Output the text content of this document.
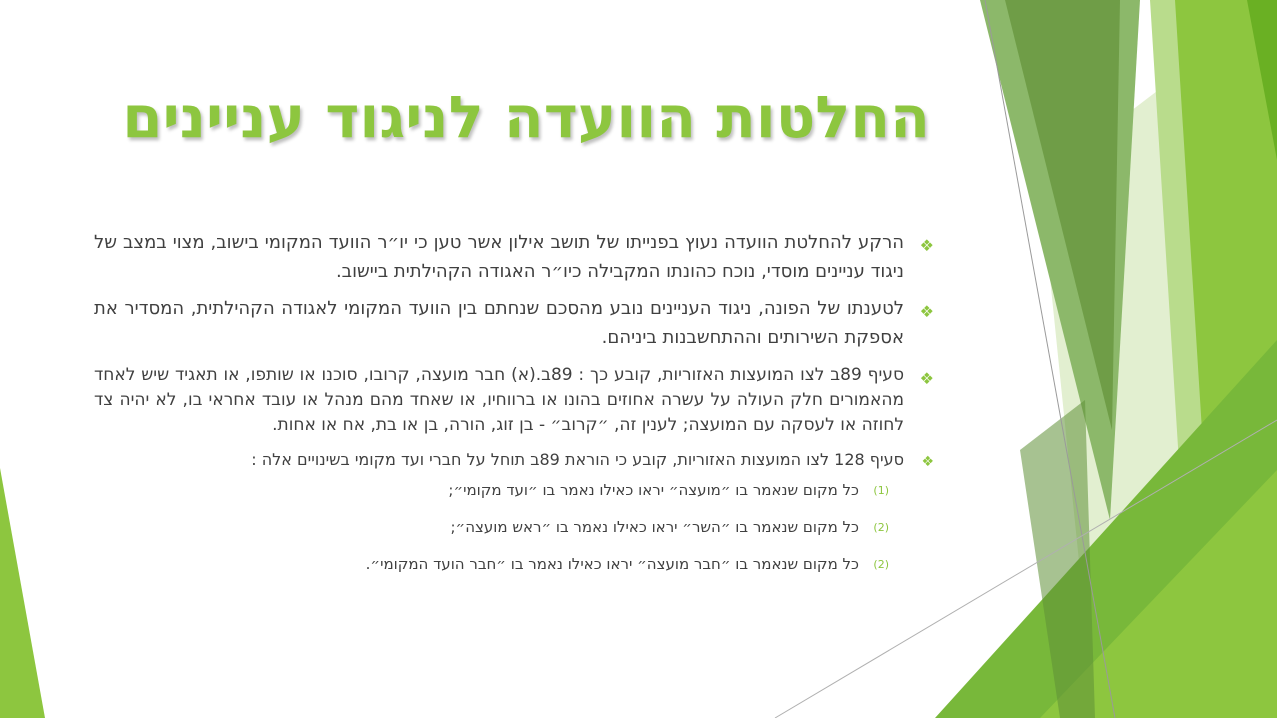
החלטות הוועדה לניגוד עניינים
❖
הרקע להחלטת הוועדה נעוץ בפנייתו של תושב אילון אשר טען כי יו״ר הוועד המקומי בישוב, מצוי במצב של ניגוד עניינים מוסדי, נוכח כהונתו המקבילה כיו״ר האגודה הקהילתית ביישוב.
❖
לטענתו של הפונה, ניגוד העניינים נובע מהסכם שנחתם בין הוועד המקומי לאגודה הקהילתית, המסדיר את אספקת השירותים וההתחשבנות ביניהם.
❖
סעיף 89ב לצו המועצות האזוריות, קובע כך : 89ב.(א) חבר מועצה, קרובו, סוכנו או שותפו, או תאגיד שיש לאחד מהאמורים חלק העולה על עשרה אחוזים בהונו או ברווחיו, או שאחד מהם מנהל או עובד אחראי בו, לא יהיה צד לחוזה או לעסקה עם המועצה; לענין זה, ״קרוב״ - בן זוג, הורה, בן או בת, אח או אחות.
❖
סעיף 128 לצו המועצות האזוריות, קובע כי הוראת 89ב תוחל על חברי ועד מקומי בשינויים אלה :
(1)
כל מקום שנאמר בו ״מועצה״ יראו כאילו נאמר בו ״ועד מקומי״;
(2)
כל מקום שנאמר בו ״השר״ יראו כאילו נאמר בו ״ראש מועצה״;
(2)
כל מקום שנאמר בו ״חבר מועצה״ יראו כאילו נאמר בו ״חבר הועד המקומי״.
